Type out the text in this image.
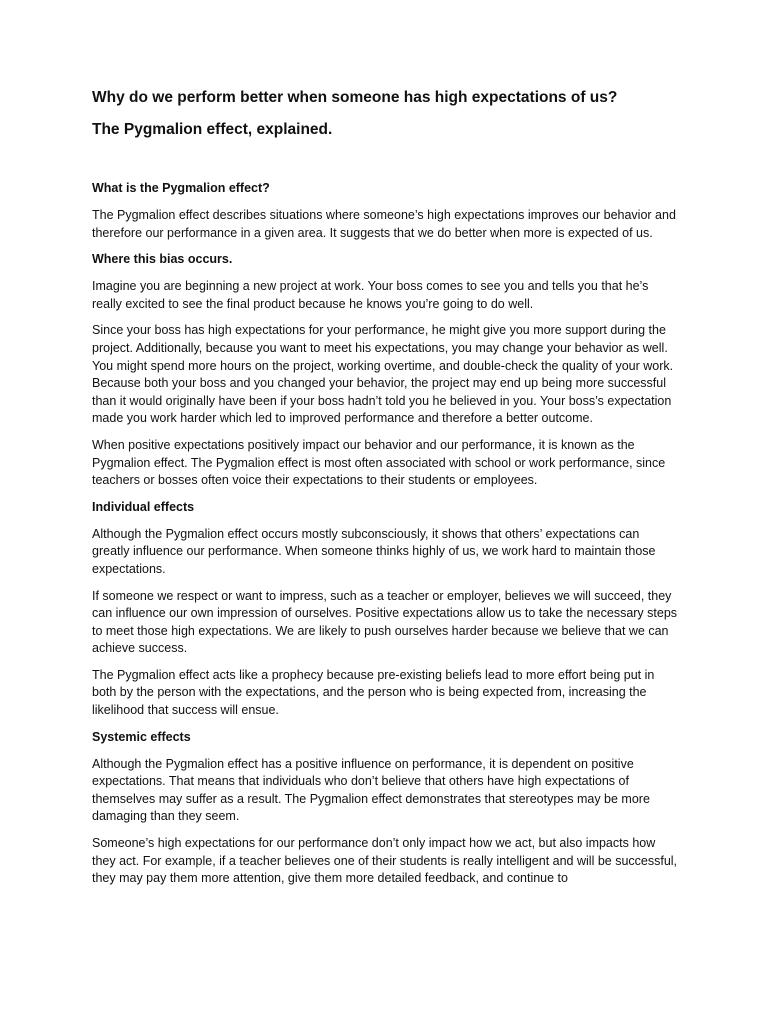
Why do we perform better when someone has high expectations of us?
The Pygmalion effect, explained.
What is the Pygmalion effect?

The Pygmalion effect describes situations where someone’s high expectations improves our behavior and therefore our performance in a given area. It suggests that we do better when more is expected of us.

Where this bias occurs.

Imagine you are beginning a new project at work. Your boss comes to see you and tells you that he’s really excited to see the final product because he knows you’re going to do well.

Since your boss has high expectations for your performance, he might give you more support during the project. Additionally, because you want to meet his expectations, you may change your behavior as well. You might spend more hours on the project, working overtime, and double-check the quality of your work. Because both your boss and you changed your behavior, the project may end up being more successful than it would originally have been if your boss hadn’t told you he believed in you. Your boss’s expectation made you work harder which led to improved performance and therefore a better outcome.

When positive expectations positively impact our behavior and our performance, it is known as the Pygmalion effect. The Pygmalion effect is most often associated with school or work performance, since teachers or bosses often voice their expectations to their students or employees.

Individual effects

Although the Pygmalion effect occurs mostly subconsciously, it shows that others’ expectations can greatly influence our performance. When someone thinks highly of us, we work hard to maintain those expectations.

If someone we respect or want to impress, such as a teacher or employer, believes we will succeed, they can influence our own impression of ourselves. Positive expectations allow us to take the necessary steps to meet those high expectations. We are likely to push ourselves harder because we believe that we can achieve success.

The Pygmalion effect acts like a prophecy because pre-existing beliefs lead to more effort being put in both by the person with the expectations, and the person who is being expected from, increasing the likelihood that success will ensue.

Systemic effects

Although the Pygmalion effect has a positive influence on performance, it is dependent on positive expectations. That means that individuals who don’t believe that others have high expectations of themselves may suffer as a result. The Pygmalion effect demonstrates that stereotypes may be more damaging than they seem.

Someone’s high expectations for our performance don’t only impact how we act, but also impacts how they act. For example, if a teacher believes one of their students is really intelligent and will be successful, they may pay them more attention, give them more detailed feedback, and continue to
